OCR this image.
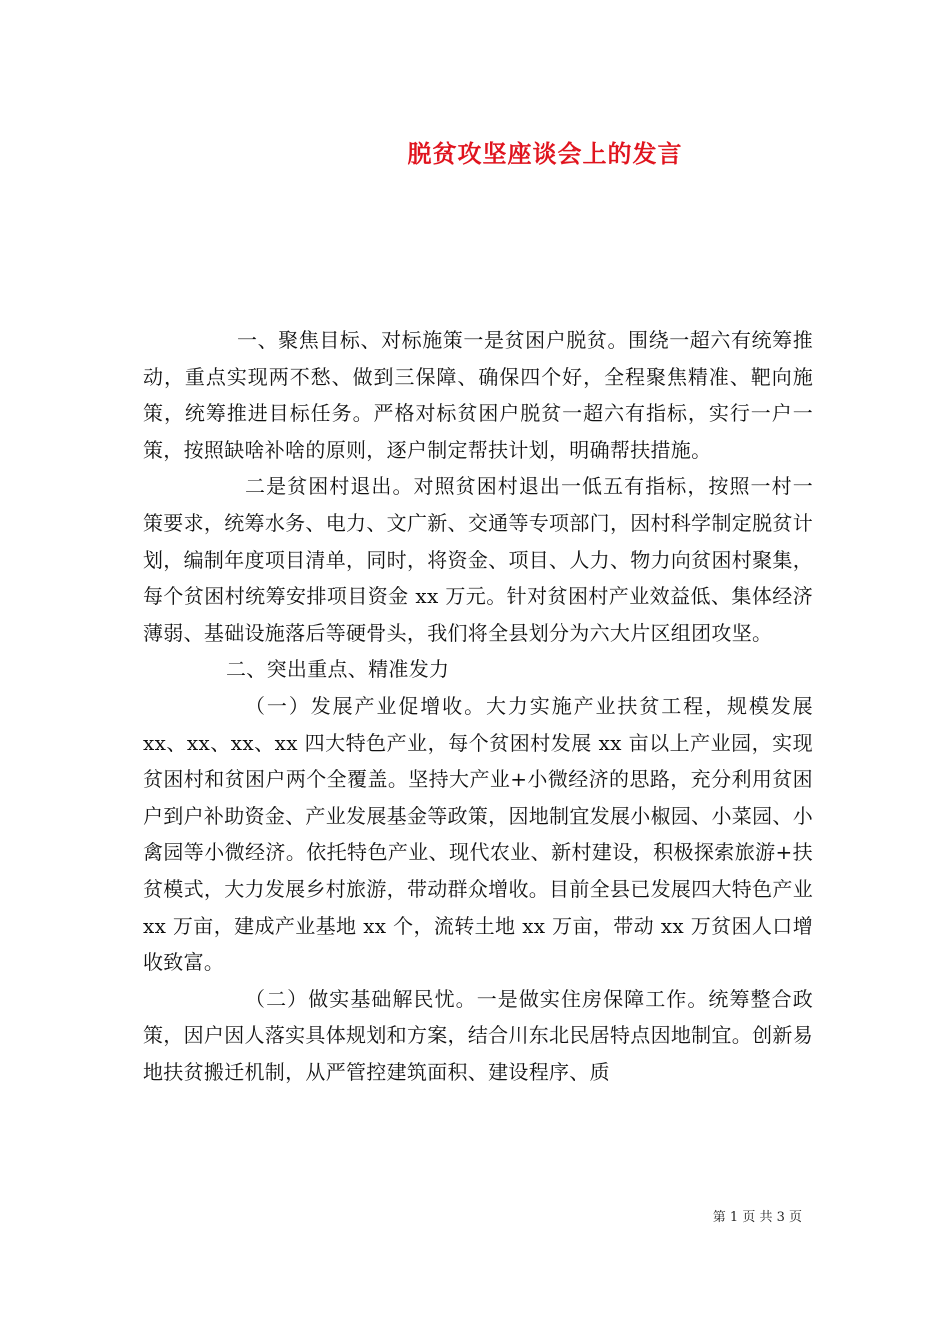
脱贫攻坚座谈会上的发言

一、聚焦目标、对标施策一是贫困户脱贫。围绕一超六有统筹推动，重点实现两不愁、做到三保障、确保四个好，全程聚焦精准、靶向施策，统筹推进目标任务。严格对标贫困户脱贫一超六有指标，实行一户一策，按照缺啥补啥的原则，逐户制定帮扶计划，明确帮扶措施。

二是贫困村退出。对照贫困村退出一低五有指标，按照一村一策要求，统筹水务、电力、文广新、交通等专项部门，因村科学制定脱贫计划，编制年度项目清单，同时，将资金、项目、人力、物力向贫困村聚集，每个贫困村统筹安排项目资金 xx 万元。针对贫困村产业效益低、集体经济薄弱、基础设施落后等硬骨头，我们将全县划分为六大片区组团攻坚。

二、突出重点、精准发力

（一）发展产业促增收。大力实施产业扶贫工程，规模发展 xx、xx、xx、xx 四大特色产业，每个贫困村发展 xx 亩以上产业园，实现贫困村和贫困户两个全覆盖。坚持大产业+小微经济的思路，充分利用贫困户到户补助资金、产业发展基金等政策，因地制宜发展小椒园、小菜园、小禽园等小微经济。依托特色产业、现代农业、新村建设，积极探索旅游+扶贫模式，大力发展乡村旅游，带动群众增收。目前全县已发展四大特色产业 xx 万亩，建成产业基地 xx 个，流转土地 xx 万亩，带动 xx 万贫困人口增收致富。

（二）做实基础解民忧。一是做实住房保障工作。统筹整合政策，因户因人落实具体规划和方案，结合川东北民居特点因地制宜。创新易地扶贫搬迁机制，从严管控建筑面积、建设程序、质

第 1 页 共 3 页
